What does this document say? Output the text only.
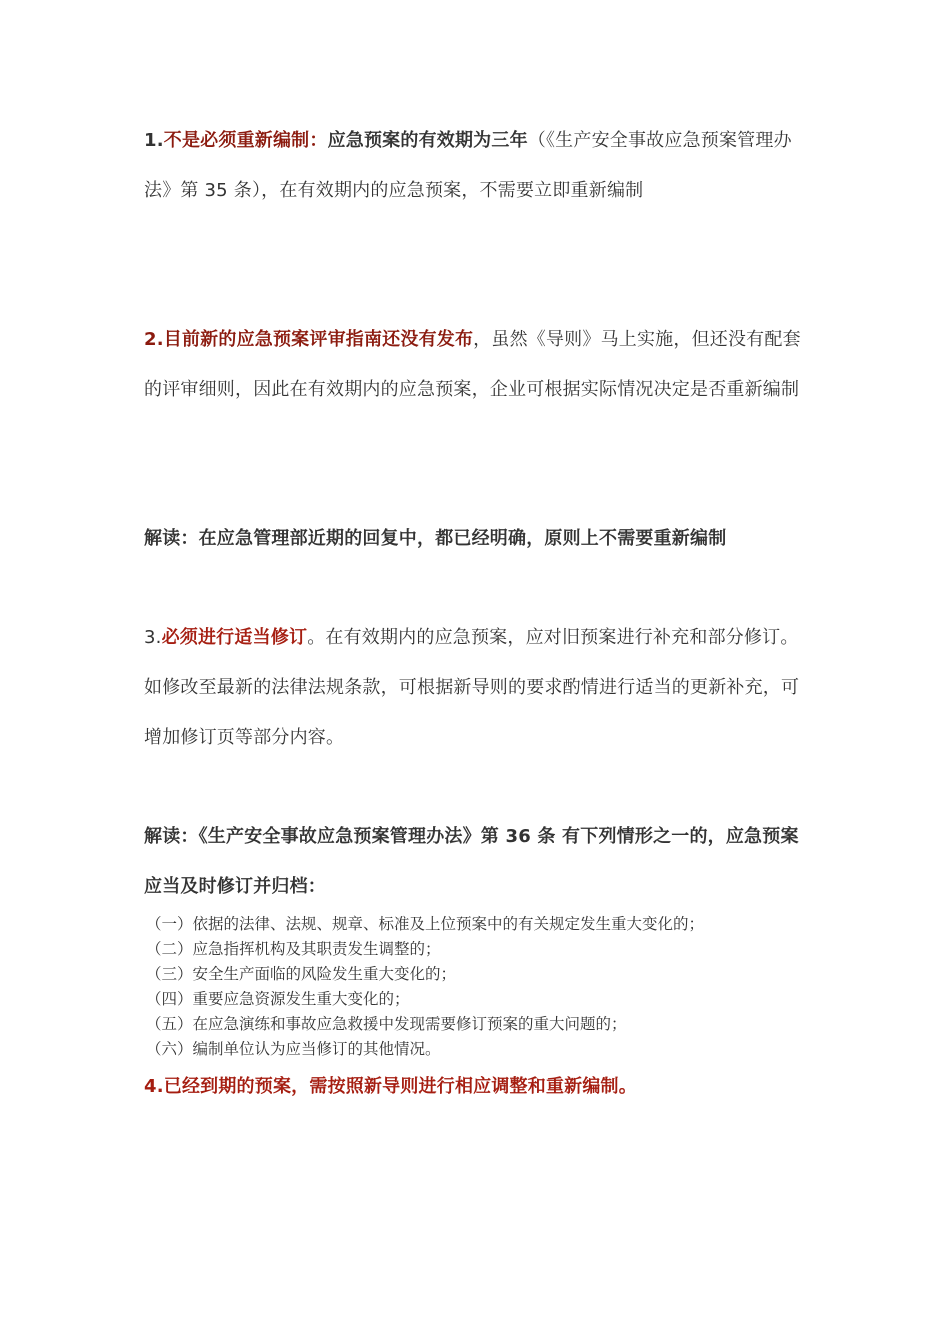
1.不是必须重新编制：应急预案的有效期为三年（《生产安全事故应急预案管理办法》第 35 条），在有效期内的应急预案，不需要立即重新编制
2.目前新的应急预案评审指南还没有发布，虽然《导则》马上实施，但还没有配套的评审细则，因此在有效期内的应急预案，企业可根据实际情况决定是否重新编制
解读：在应急管理部近期的回复中，都已经明确，原则上不需要重新编制
3.必须进行适当修订。在有效期内的应急预案，应对旧预案进行补充和部分修订。如修改至最新的法律法规条款，可根据新导则的要求酌情进行适当的更新补充，可增加修订页等部分内容。
解读：《生产安全事故应急预案管理办法》第 36 条 有下列情形之一的，应急预案应当及时修订并归档：
（一）依据的法律、法规、规章、标准及上位预案中的有关规定发生重大变化的；
（二）应急指挥机构及其职责发生调整的；
（三）安全生产面临的风险发生重大变化的；
（四）重要应急资源发生重大变化的；
（五）在应急演练和事故应急救援中发现需要修订预案的重大问题的；
（六）编制单位认为应当修订的其他情况。
4.已经到期的预案，需按照新导则进行相应调整和重新编制。
